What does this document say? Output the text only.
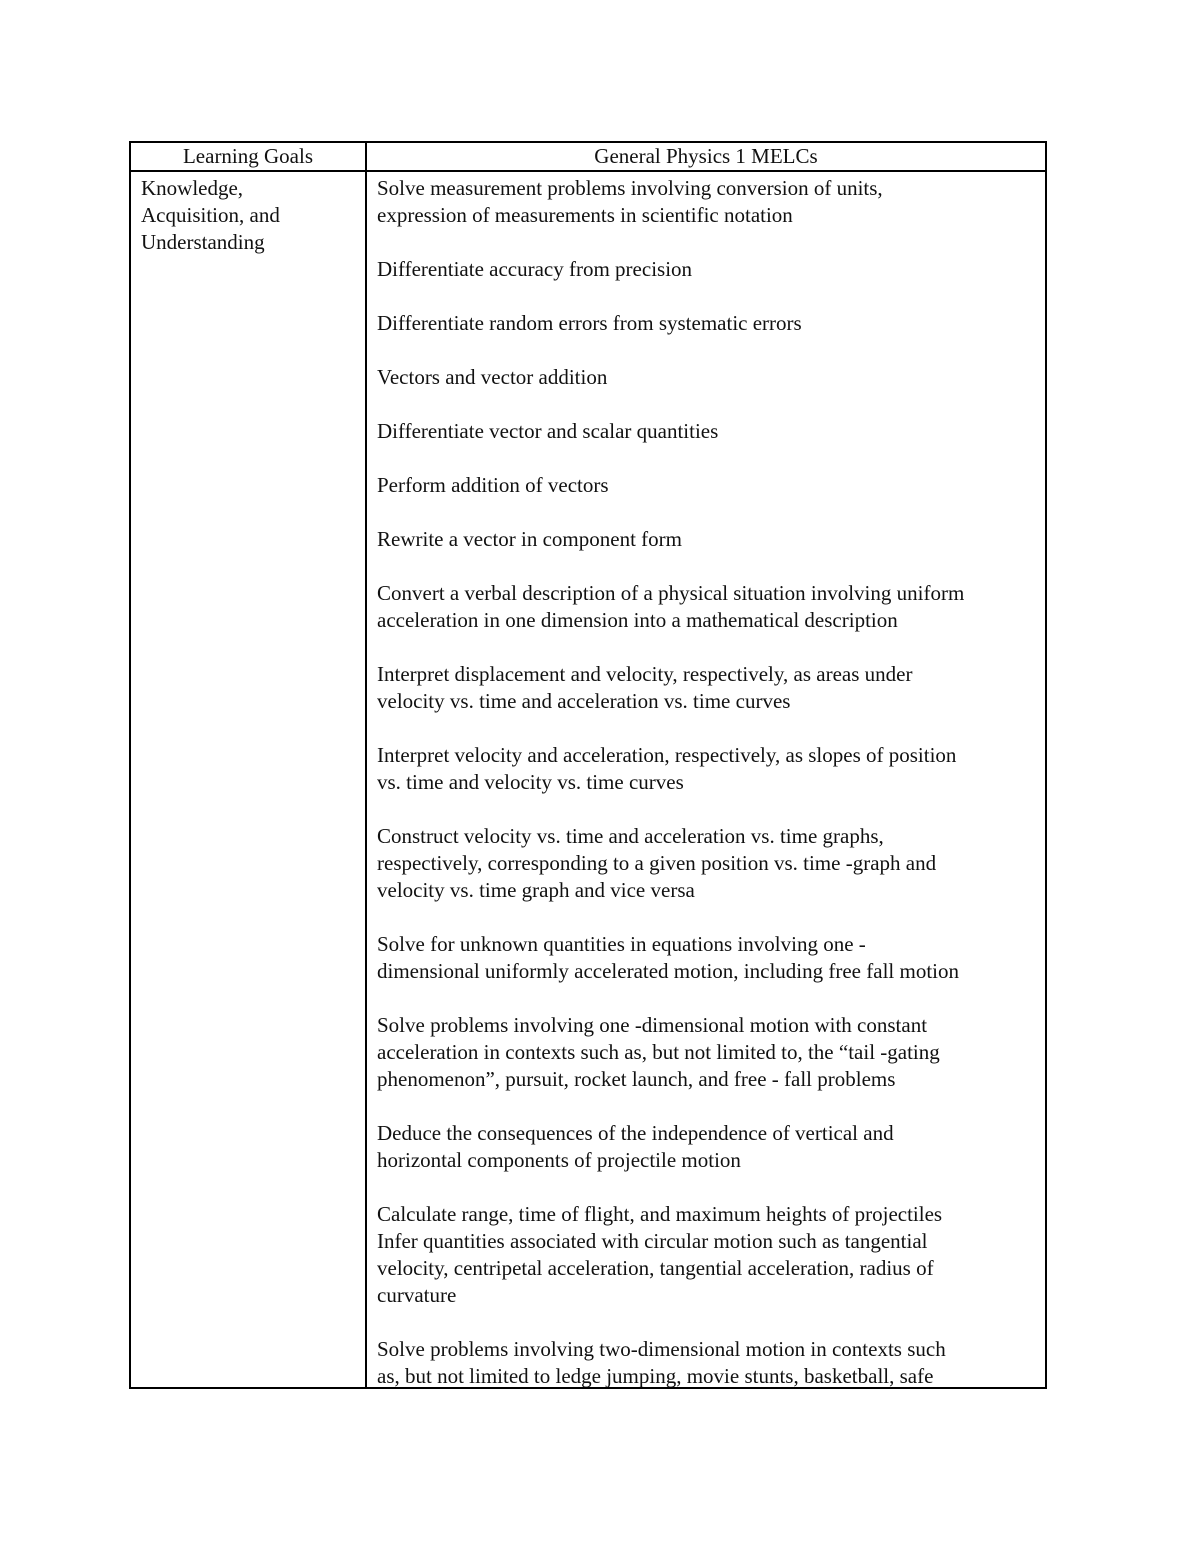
Learning Goals	General Physics 1 MELCs
Knowledge,
Acquisition, and
Understanding
Solve measurement problems involving conversion of units,
expression of measurements in scientific notation
Differentiate accuracy from precision
Differentiate random errors from systematic errors
Vectors and vector addition
Differentiate vector and scalar quantities
Perform addition of vectors
Rewrite a vector in component form
Convert a verbal description of a physical situation involving uniform
acceleration in one dimension into a mathematical description
Interpret displacement and velocity, respectively, as areas under
velocity vs. time and acceleration vs. time curves
Interpret velocity and acceleration, respectively, as slopes of position
vs. time and velocity vs. time curves
Construct velocity vs. time and acceleration vs. time graphs,
respectively, corresponding to a given position vs. time -graph and
velocity vs. time graph and vice versa
Solve for unknown quantities in equations involving one -
dimensional uniformly accelerated motion, including free fall motion
Solve problems involving one -dimensional motion with constant
acceleration in contexts such as, but not limited to, the “tail -gating
phenomenon”, pursuit, rocket launch, and free - fall problems
Deduce the consequences of the independence of vertical and
horizontal components of projectile motion
Calculate range, time of flight, and maximum heights of projectiles
Infer quantities associated with circular motion such as tangential
velocity, centripetal acceleration, tangential acceleration, radius of
curvature
Solve problems involving two-dimensional motion in contexts such
as, but not limited to ledge jumping, movie stunts, basketball, safe
